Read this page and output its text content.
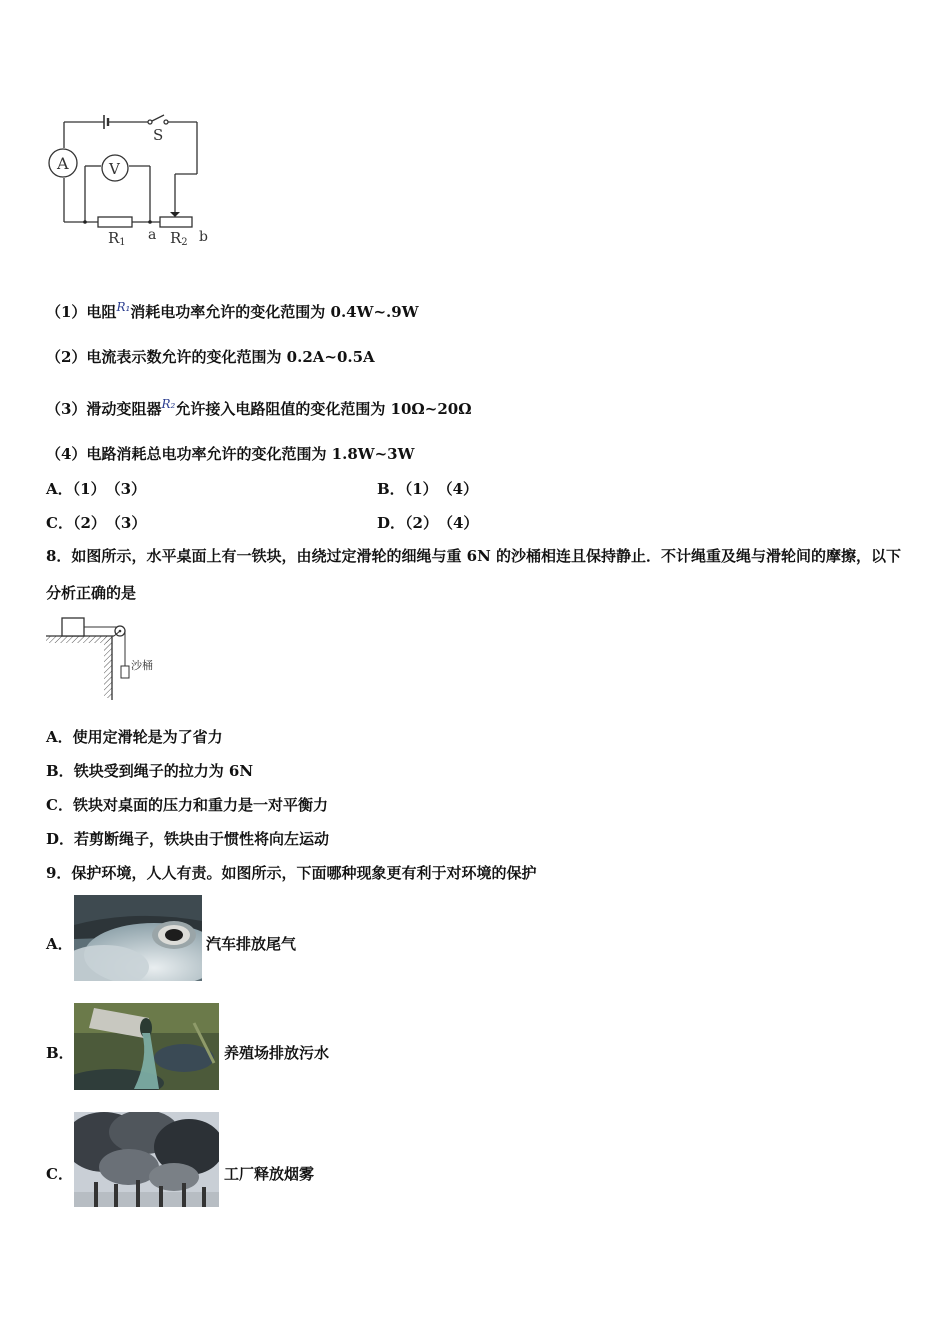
A	V
S
R1 a R2 b
（1）电阻$^{R_1}$消耗电功率允许的变化范围为 0.4W~.9W
（2）电流表示数允许的变化范围为 0.2A~0.5A
（3）滑动变阻器$^{R_2}$允许接入电路阻值的变化范围为 10Ω~20Ω
（4）电路消耗总电功率允许的变化范围为 1.8W~3W
A．（1）　（3）	B．（1）　（4）
C．（2）　（3）	D．（2）　（4）
8．如图所示，水平桌面上有一铁块，由绕过定滑轮的细绳与重 6N 的沙桶相连且保持静止．不计绳重及绳与滑轮间的摩擦，以下分析正确的是
沙桶
A．使用定滑轮是为了省力
B．铁块受到绳子的拉力为 6N
C．铁块对桌面的压力和重力是一对平衡力
D．若剪断绳子，铁块由于惯性将向左运动
9．保护环境，人人有责。如图所示，下面哪种现象更有利于对环境的保护
A．	汽车排放尾气
B．	养殖场排放污水
C．	工厂释放烟雾
